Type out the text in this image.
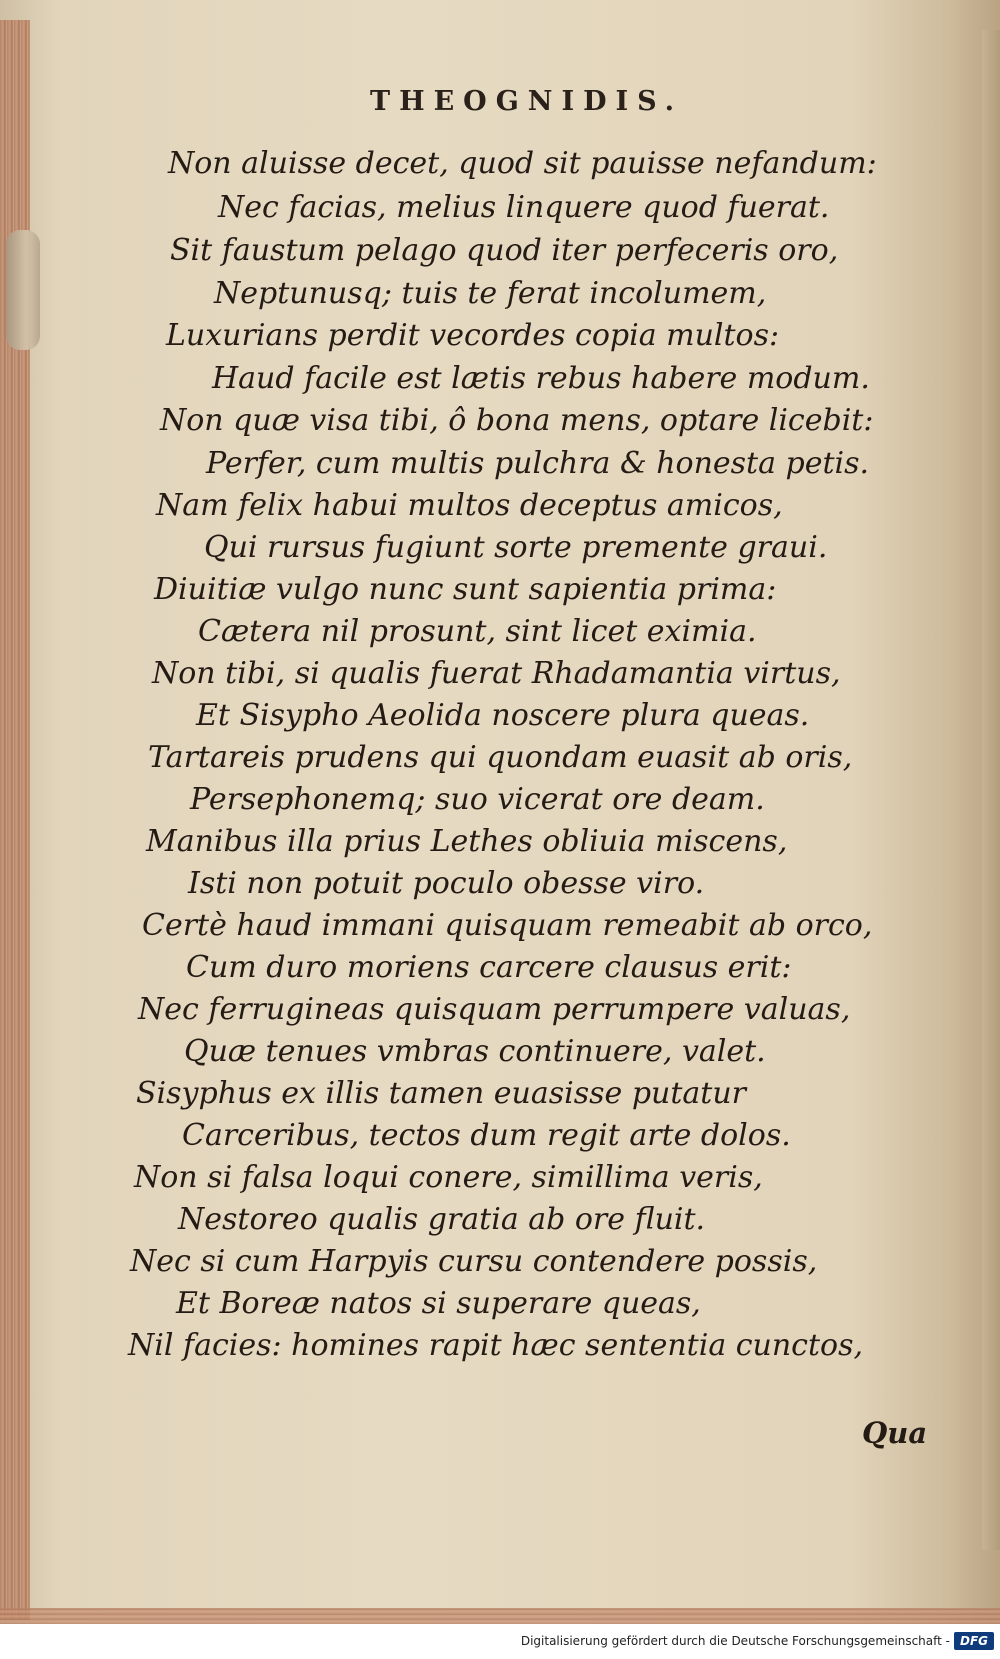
THEOGNIDIS.
Non aluisse decet, quod sit pauisse nefandum:
Nec facias, melius linquere quod fuerat.
Sit faustum pelago quod iter perfeceris oro,
Neptunusq; tuis te ferat incolumem,
Luxurians perdit vecordes copia multos:
Haud facile est lætis rebus habere modum.
Non quæ visa tibi, ô bona mens, optare licebit:
Perfer, cum multis pulchra & honesta petis.
Nam felix habui multos deceptus amicos,
Qui rursus fugiunt sorte premente graui.
Diuitiæ vulgo nunc sunt sapientia prima:
Cætera nil prosunt, sint licet eximia.
Non tibi, si qualis fuerat Rhadamantia virtus,
Et Sisypho Aeolida noscere plura queas.
Tartareis prudens qui quondam euasit ab oris,
Persephonemq; suo vicerat ore deam.
Manibus illa prius Lethes obliuia miscens,
Isti non potuit poculo obesse viro.
Certè haud immani quisquam remeabit ab orco,
Cum duro moriens carcere clausus erit:
Nec ferrugineas quisquam perrumpere valuas,
Quæ tenues vmbras continuere, valet.
Sisyphus ex illis tamen euasisse putatur
Carceribus, tectos dum regit arte dolos.
Non si falsa loqui conere, simillima veris,
Nestoreo qualis gratia ab ore fluit.
Nec si cum Harpyis cursu contendere possis,
Et Boreæ natos si superare queas,
Nil facies: homines rapit hæc sententia cunctos,
Qua
Digitalisierung gefördert durch die Deutsche Forschungsgemeinschaft - DFG
